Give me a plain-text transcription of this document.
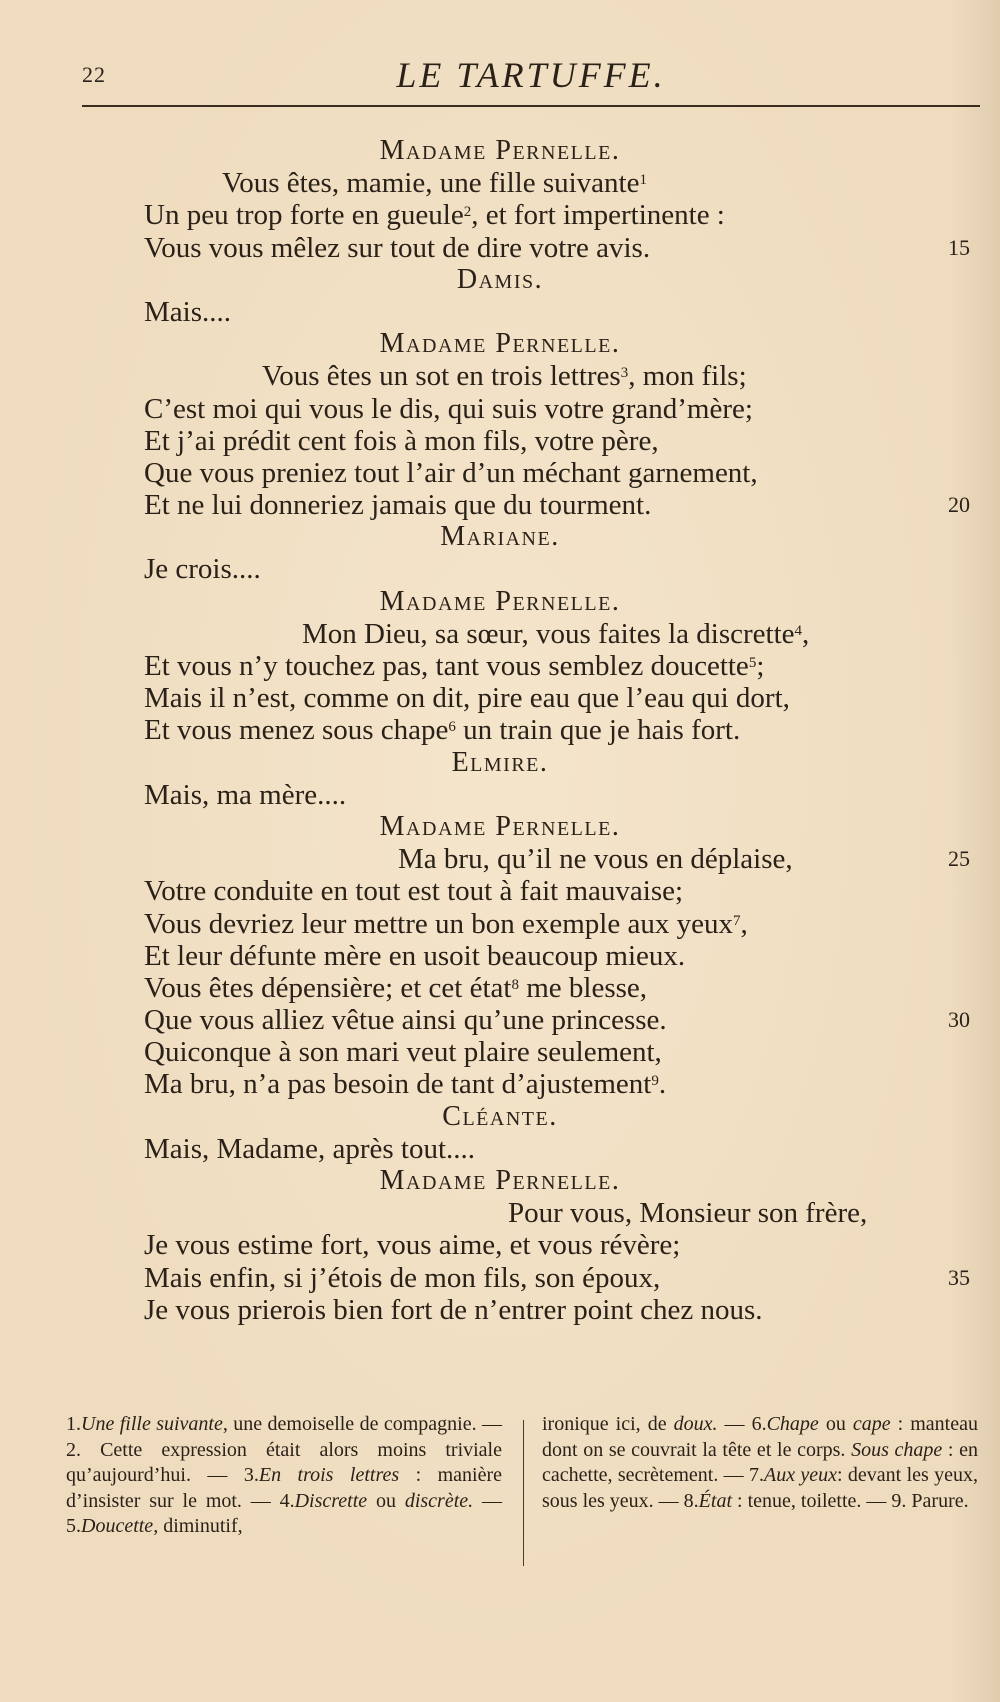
22	LE TARTUFFE.
Madame Pernelle.
Vous êtes, mamie, une fille suivante$^1$
Un peu trop forte en gueule$^2$, et fort impertinente :
Vous vous mêlez sur tout de dire votre avis.	15
Damis.
Mais....
Madame Pernelle.
Vous êtes un sot en trois lettres$^3$, mon fils;
C’est moi qui vous le dis, qui suis votre grand’mère;
Et j’ai prédit cent fois à mon fils, votre père,
Que vous preniez tout l’air d’un méchant garnement,
Et ne lui donneriez jamais que du tourment.	20
Mariane.
Je crois....
Madame Pernelle.
Mon Dieu, sa sœur, vous faites la discrette$^4$,
Et vous n’y touchez pas, tant vous semblez doucette$^5$;
Mais il n’est, comme on dit, pire eau que l’eau qui dort,
Et vous menez sous chape$^6$ un train que je hais fort.
Elmire.
Mais, ma mère....
Madame Pernelle.
Ma bru, qu’il ne vous en déplaise,	25
Votre conduite en tout est tout à fait mauvaise;
Vous devriez leur mettre un bon exemple aux yeux$^7$,
Et leur défunte mère en usoit beaucoup mieux.
Vous êtes dépensière; et cet état$^8$ me blesse,
Que vous alliez vêtue ainsi qu’une princesse.	30
Quiconque à son mari veut plaire seulement,
Ma bru, n’a pas besoin de tant d’ajustement$^9$.
Cléante.
Mais, Madame, après tout....
Madame Pernelle.
Pour vous, Monsieur son frère,
Je vous estime fort, vous aime, et vous révère;
Mais enfin, si j’étois de mon fils, son époux,	35
Je vous prierois bien fort de n’entrer point chez nous.
1.Une fille suivante, une demoiselle de compagnie. — 2. Cette expression était alors moins triviale qu’aujourd’hui. — 3.En trois lettres : manière d’insister sur le mot. — 4.Discrette ou discrète. — 5.Doucette, diminutif,
ironique ici, de doux. — 6.Chape ou cape : manteau dont on se couvrait la tête et le corps. Sous chape : en cachette, secrètement. — 7.Aux yeux: devant les yeux, sous les yeux. — 8.État : tenue, toilette. — 9. Parure.
